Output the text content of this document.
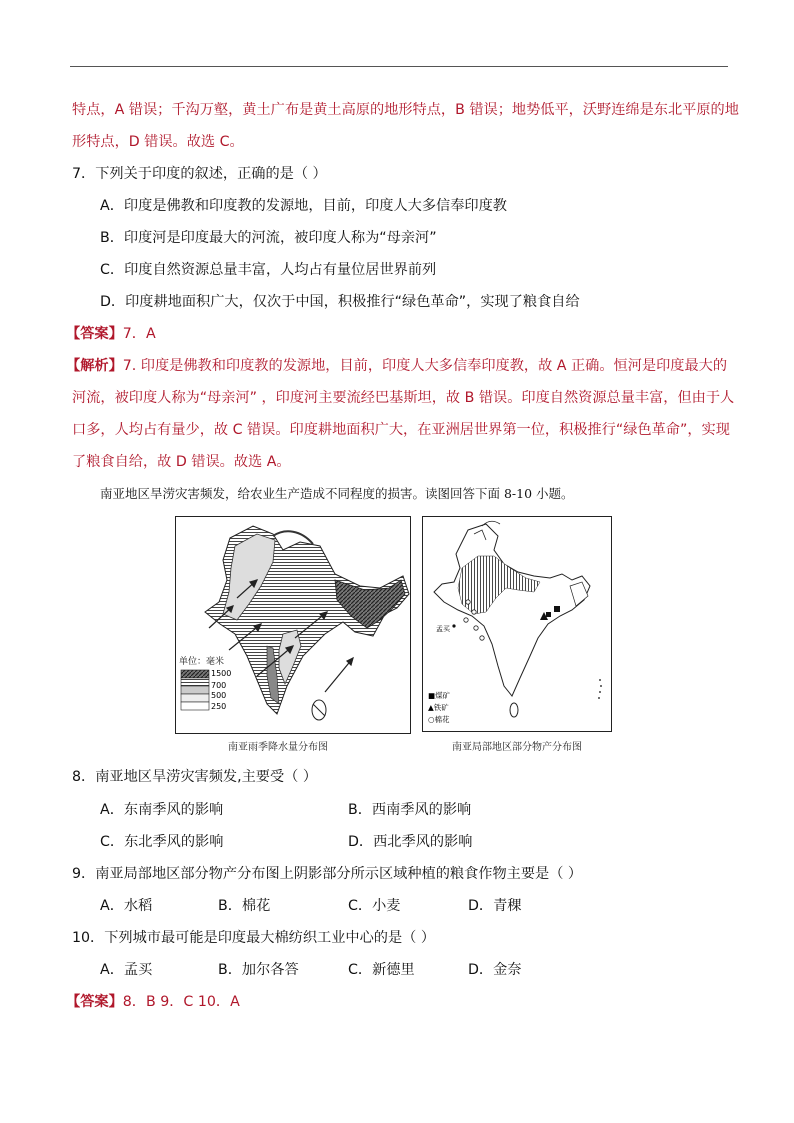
特点，A 错误；千沟万壑，黄土广布是黄土高原的地形特点，B 错误；地势低平，沃野连绵是东北平原的地
形特点，D 错误。故选 C。
7．下列关于印度的叙述，正确的是（ ）
A．印度是佛教和印度教的发源地，目前，印度人大多信奉印度教
B．印度河是印度最大的河流，被印度人称为“母亲河”
C．印度自然资源总量丰富，人均占有量位居世界前列
D．印度耕地面积广大，仅次于中国，积极推行“绿色革命”，实现了粮食自给
【答案】7．A
【解析】7. 印度是佛教和印度教的发源地，目前，印度人大多信奉印度教，故 A 正确。恒河是印度最大的
河流，被印度人称为“母亲河” ，印度河主要流经巴基斯坦，故 B 错误。印度自然资源总量丰富，但由于人
口多，人均占有量少，故 C 错误。印度耕地面积广大，在亚洲居世界第一位，积极推行“绿色革命”，实现
了粮食自给，故 D 错误。故选 A。
南亚地区旱涝灾害频发，给农业生产造成不同程度的损害。读图回答下面 8-10 小题。
单位：毫米
1500
700
500
250
南亚雨季降水量分布图
孟买
■煤矿
▲铁矿
○棉花
南亚局部地区部分物产分布图
8．南亚地区旱涝灾害频发,主要受（ ）
A．东南季风的影响	B．西南季风的影响
C．东北季风的影响	D．西北季风的影响
9．南亚局部地区部分物产分布图上阴影部分所示区域种植的粮食作物主要是（ ）
A．水稻	B．棉花	C．小麦	D．青稞
10．下列城市最可能是印度最大棉纺织工业中心的是（ ）
A．孟买	B．加尔各答	C．新德里	D．金奈
【答案】8．B 9．C 10．A
